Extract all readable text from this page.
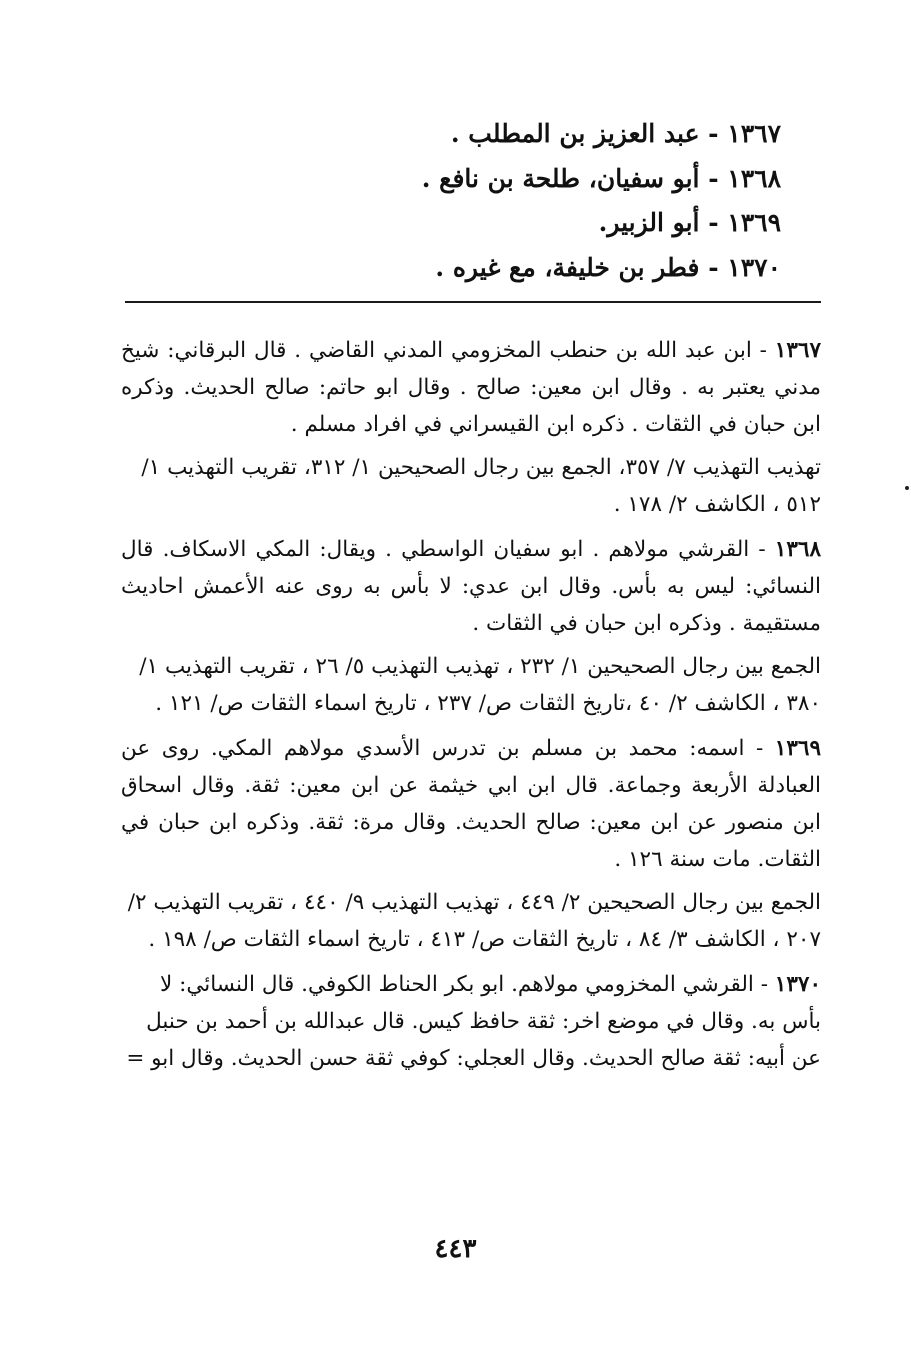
١٣٦٧ - عبد العزيز بن المطلب .
١٣٦٨ - أبو سفيان، طلحة بن نافع .
١٣٦٩ - أبو الزبير.
١٣٧٠ - فطر بن خليفة، مع غيره .

١٣٦٧ - ابن عبد الله بن حنطب المخزومي المدني القاضي . قال البرقاني: شيخ مدني يعتبر به . وقال ابن معين: صالح . وقال ابو حاتم: صالح الحديث. وذكره ابن حبان في الثقات . ذكره ابن القيسراني في افراد مسلم .

تهذيب التهذيب ٧/ ٣٥٧، الجمع بين رجال الصحيحين ١/ ٣١٢، تقريب التهذيب ١/ ٥١٢ ، الكاشف ٢/ ١٧٨ .

١٣٦٨ - القرشي مولاهم . ابو سفيان الواسطي . ويقال: المكي الاسكاف. قال النسائي: ليس به بأس. وقال ابن عدي: لا بأس به روى عنه الأعمش احاديث مستقيمة . وذكره ابن حبان في الثقات .

الجمع بين رجال الصحيحين ١/ ٢٣٢ ، تهذيب التهذيب ٥/ ٢٦ ، تقريب التهذيب ١/ ٣٨٠ ، الكاشف ٢/ ٤٠ ،تاريخ الثقات ص/ ٢٣٧ ، تاريخ اسماء الثقات ص/ ١٢١ .

١٣٦٩ - اسمه: محمد بن مسلم بن تدرس الأسدي مولاهم المكي. روى عن العبادلة الأربعة وجماعة. قال ابن ابي خيثمة عن ابن معين: ثقة. وقال اسحاق ابن منصور عن ابن معين: صالح الحديث. وقال مرة: ثقة. وذكره ابن حبان في الثقات. مات سنة ١٢٦ .

الجمع بين رجال الصحيحين ٢/ ٤٤٩ ، تهذيب التهذيب ٩/ ٤٤٠ ، تقريب التهذيب ٢/ ٢٠٧ ، الكاشف ٣/ ٨٤ ، تاريخ الثقات ص/ ٤١٣ ، تاريخ اسماء الثقات ص/ ١٩٨ .

١٣٧٠ - القرشي المخزومي مولاهم. ابو بكر الحناط الكوفي. قال النسائي: لا بأس به. وقال في موضع اخر: ثقة حافظ كيس. قال عبدالله بن أحمد بن حنبل عن أبيه: ثقة صالح الحديث. وقال العجلي: كوفي ثقة حسن الحديث. وقال ابو =

٤٤٣
